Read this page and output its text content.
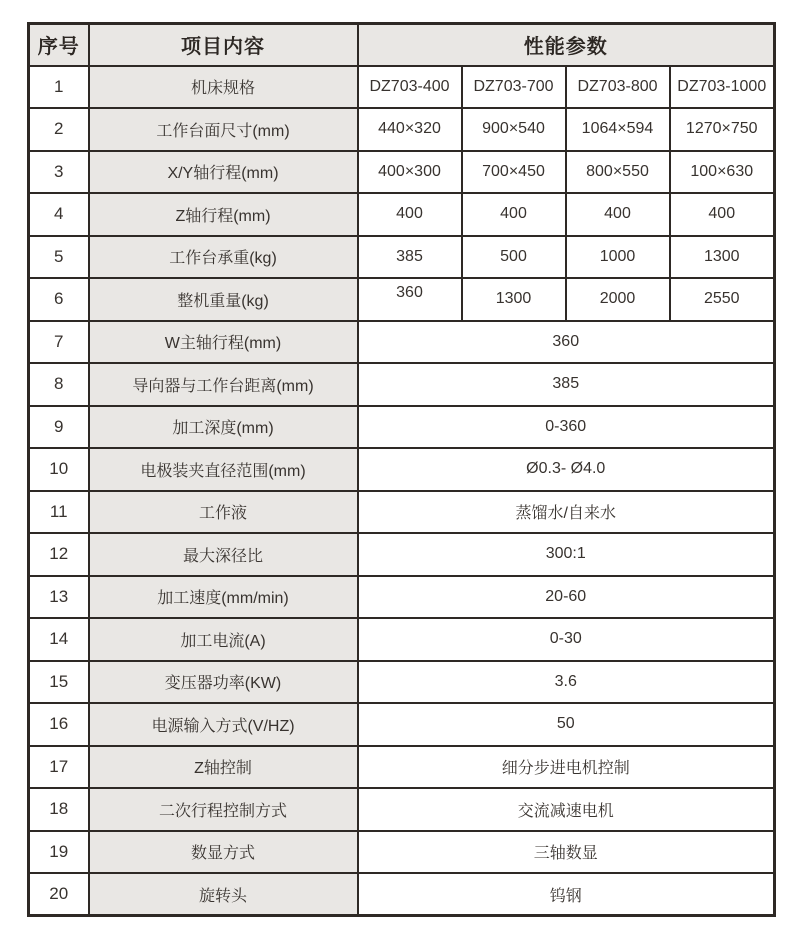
序号	项目内容	性能参数			
1	机床规格	DZ703-400	DZ703-700	DZ703-800	DZ703-1000
2	工作台面尺寸(mm)	440×320	900×540	1064×594	1270×750
3	X/Y轴行程(mm)	400×300	700×450	800×550	100×630
4	Z轴行程(mm)	400	400	400	400
5	工作台承重(kg)	385	500	1000	1300
6	整机重量(kg)	360	1300	2000	2550
7	W主轴行程(mm)	360			
8	导向器与工作台距离(mm)	385			
9	加工深度(mm)	0-360			
10	电极装夹直径范围(mm)	Ø0.3- Ø4.0			
11	工作液	蒸馏水/自来水			
12	最大深径比	300:1			
13	加工速度(mm/min)	20-60			
14	加工电流(A)	0-30			
15	变压器功率(KW)	3.6			
16	电源输入方式(V/HZ)	50			
17	Z轴控制	细分步进电机控制			
18	二次行程控制方式	交流减速电机			
19	数显方式	三轴数显			
20	旋转头	钨钢			
